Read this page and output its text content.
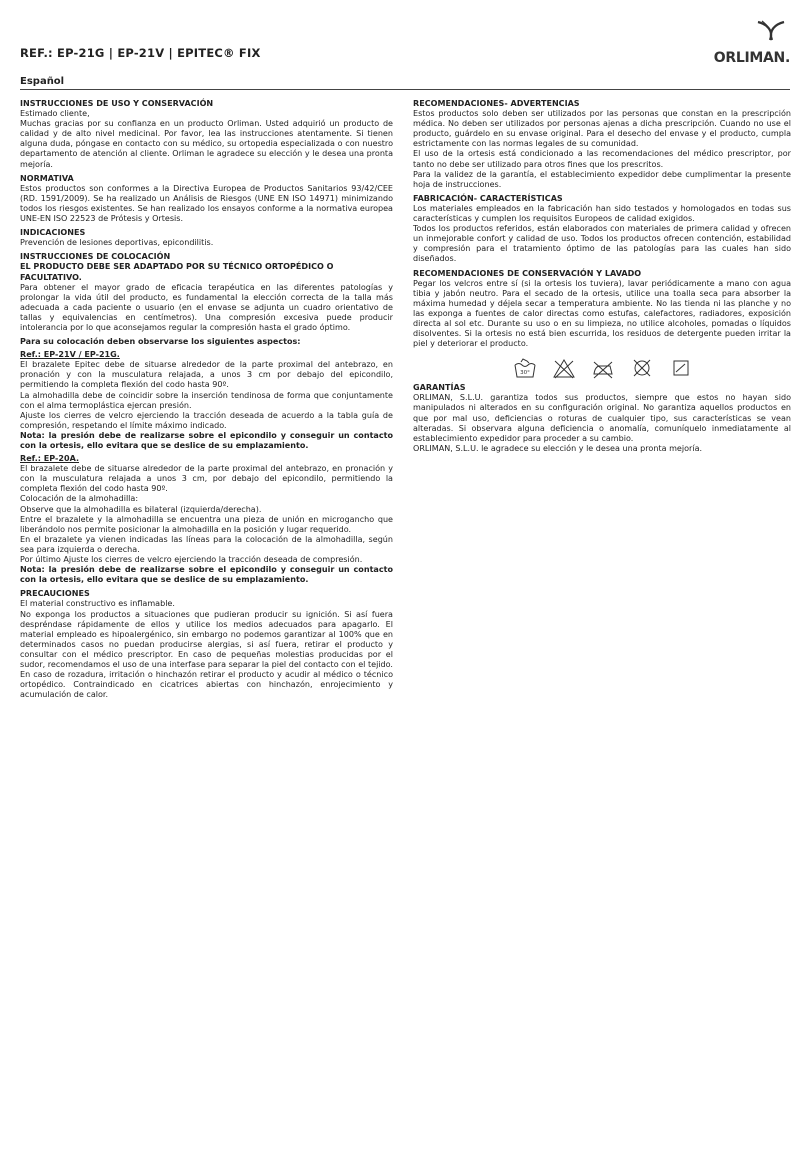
REF.: EP-21G | EP-21V | EPITEC® FIX	ORLIMAN.
Español
INSTRUCCIONES DE USO Y CONSERVACIÓN

Estimado cliente,

Muchas gracias por su confianza en un producto Orliman. Usted adquirió un producto de calidad y de alto nivel medicinal. Por favor, lea las instrucciones atentamente. Si tienen alguna duda, póngase en contacto con su médico, su ortopedia especializada o con nuestro departamento de atención al cliente. Orliman le agradece su elección y le desea una pronta mejoría.

NORMATIVA

Estos productos son conformes a la Directiva Europea de Productos Sanitarios 93/42/CEE (RD. 1591/2009). Se ha realizado un Análisis de Riesgos (UNE EN ISO 14971) minimizando todos los riesgos existentes. Se han realizado los ensayos conforme a la normativa europea UNE-EN ISO 22523 de Prótesis y Ortesis.

INDICACIONES

Prevención de lesiones deportivas, epicondilitis.

INSTRUCCIONES DE COLOCACIÓN
EL PRODUCTO DEBE SER ADAPTADO POR SU TÉCNICO ORTOPÉDICO O FACULTATIVO.

Para obtener el mayor grado de eficacia terapéutica en las diferentes patologías y prolongar la vida útil del producto, es fundamental la elección correcta de la talla más adecuada a cada paciente o usuario (en el envase se adjunta un cuadro orientativo de tallas y equivalencias en centímetros). Una compresión excesiva puede producir intolerancia por lo que aconsejamos regular la compresión hasta el grado óptimo.

Para su colocación deben observarse los siguientes aspectos:

Ref.: EP-21V / EP-21G.

El brazalete Epitec debe de situarse alrededor de la parte proximal del antebrazo, en pronación y con la musculatura relajada, a unos 3 cm por debajo del epicondilo, permitiendo la completa flexión del codo hasta 90º.

La almohadilla debe de coincidir sobre la inserción tendinosa de forma que conjuntamente con el alma termoplástica ejercan presión.

Ajuste los cierres de velcro ejerciendo la tracción deseada de acuerdo a la tabla guía de compresión, respetando el límite máximo indicado.

Nota: la presión debe de realizarse sobre el epicondilo y conseguir un contacto con la ortesis, ello evitara que se deslice de su emplazamiento.

Ref.: EP-20A.

El brazalete debe de situarse alrededor de la parte proximal del antebrazo, en pronación y con la musculatura relajada a unos 3 cm, por debajo del epicondilo, permitiendo la completa flexión del codo hasta 90º.

Colocación de la almohadilla:

Observe que la almohadilla es bilateral (izquierda/derecha).

Entre el brazalete y la almohadilla se encuentra una pieza de unión en microgancho que liberándolo nos permite posicionar la almohadilla en la posición y lugar requerido.

En el brazalete ya vienen indicadas las líneas para la colocación de la almohadilla, según sea para izquierda o derecha.

Por último Ajuste los cierres de velcro ejerciendo la tracción deseada de compresión.

Nota: la presión debe de realizarse sobre el epicondilo y conseguir un contacto con la ortesis, ello evitara que se deslice de su emplazamiento.

PRECAUCIONES

El material constructivo es inflamable.

No exponga los productos a situaciones que pudieran producir su ignición. Si así fuera despréndase rápidamente de ellos y utilice los medios adecuados para apagarlo. El material empleado es hipoalergénico, sin embargo no podemos garantizar al 100% que en determinados casos no puedan producirse alergias, si así fuera, retirar el producto y consultar con el médico prescriptor. En caso de pequeñas molestias producidas por el sudor, recomendamos el uso de una interfase para separar la piel del contacto con el tejido. En caso de rozadura, irritación o hinchazón retirar el producto y acudir al médico o técnico ortopédico. Contraindicado en cicatrices abiertas con hinchazón, enrojecimiento y acumulación de calor.

RECOMENDACIONES- ADVERTENCIAS

Estos productos solo deben ser utilizados por las personas que constan en la prescripción médica. No deben ser utilizados por personas ajenas a dicha prescripción. Cuando no use el producto, guárdelo en su envase original. Para el desecho del envase y el producto, cumpla estrictamente con las normas legales de su comunidad.

El uso de la ortesis está condicionado a las recomendaciones del médico prescriptor, por tanto no debe ser utilizado para otros fines que los prescritos.

Para la validez de la garantía, el establecimiento expedidor debe cumplimentar la presente hoja de instrucciones.

FABRICACIÓN- CARACTERÍSTICAS

Los materiales empleados en la fabricación han sido testados y homologados en todas sus características y cumplen los requisitos Europeos de calidad exigidos.

Todos los productos referidos, están elaborados con materiales de primera calidad y ofrecen un inmejorable confort y calidad de uso. Todos los productos ofrecen contención, estabilidad y compresión para el tratamiento óptimo de las patologías para las cuales han sido diseñados.

RECOMENDACIONES DE CONSERVACIÓN Y LAVADO

Pegar los velcros entre sí (si la ortesis los tuviera), lavar periódicamente a mano con agua tibia y jabón neutro. Para el secado de la ortesis, utilice una toalla seca para absorber la máxima humedad y déjela secar a temperatura ambiente. No las tienda ni las planche y no las exponga a fuentes de calor directas como estufas, calefactores, radiadores, exposición directa al sol etc. Durante su uso o en su limpieza, no utilice alcoholes, pomadas o líquidos disolventes. Si la ortesis no está bien escurrida, los residuos de detergente pueden irritar la piel y deteriorar el producto.

30°
GARANTÍAS

ORLIMAN, S.L.U. garantiza todos sus productos, siempre que estos no hayan sido manipulados ni alterados en su configuración original. No garantiza aquellos productos en que por mal uso, deficiencias o roturas de cualquier tipo, sus características se vean alteradas. Si observara alguna deficiencia o anomalía, comuníquelo inmediatamente al establecimiento expedidor para proceder a su cambio.

ORLIMAN, S.L.U. le agradece su elección y le desea una pronta mejoría.
